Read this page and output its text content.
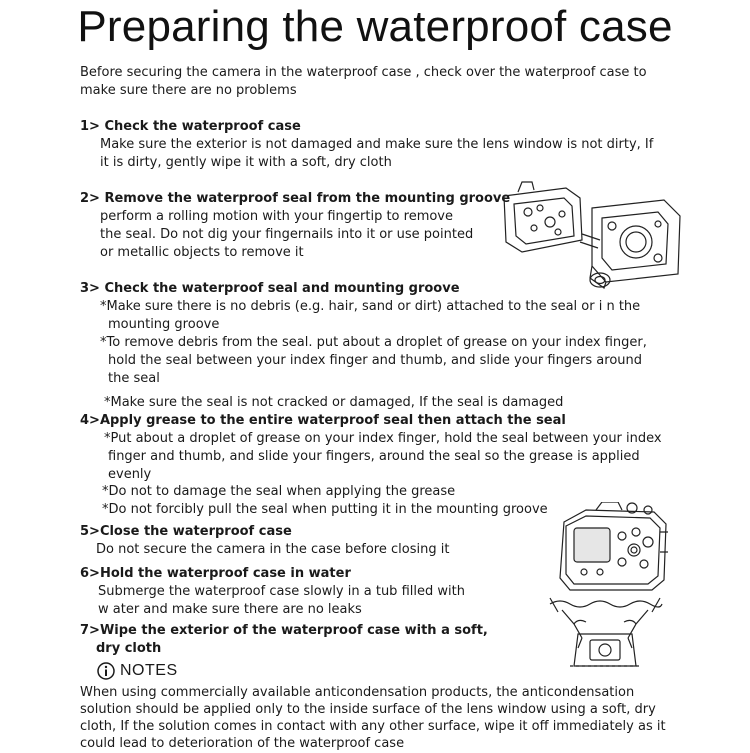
Preparing the waterproof case
Before securing the camera in the waterproof case , check over the waterproof case to
make sure there are no problems
1> Check the waterproof case
Make sure the exterior is not damaged and make sure the lens window is not dirty, If
it is dirty, gently wipe it with a soft, dry cloth
2> Remove the waterproof seal from the mounting groove
perform a rolling motion with your fingertip to remove
the seal. Do not dig your fingernails into it or use pointed
or metallic objects to remove it
3> Check the waterproof seal and mounting groove
*Make sure there is no debris (e.g. hair, sand or dirt) attached to the seal or i n the
mounting groove
*To remove debris from the seal. put about a droplet of grease on your index finger,
hold the seal between your index finger and thumb, and slide your fingers around
the seal
*Make sure the seal is not cracked or damaged, If the seal is damaged
4>Apply grease to the entire waterproof seal then attach the seal
*Put about a droplet of grease on your index finger, hold the seal between your index
finger and thumb, and slide your fingers, around the seal so the grease is applied
evenly
*Do not to damage the seal when applying the grease
*Do not forcibly pull the seal when putting it in the mounting groove
5>Close the waterproof case
Do not secure the camera in the case before closing it
6>Hold the waterproof case in water
Submerge the waterproof case slowly in a tub filled with
w ater and make sure there are no leaks
7>Wipe the exterior of the waterproof case with a soft,
dry cloth
NOTES
When using commercially available anticondensation products, the anticondensation
solution should be applied only to the inside surface of the lens window using a soft, dry
cloth, If the solution comes in contact with any other surface, wipe it off immediately as it
could lead to deterioration of the waterproof case
